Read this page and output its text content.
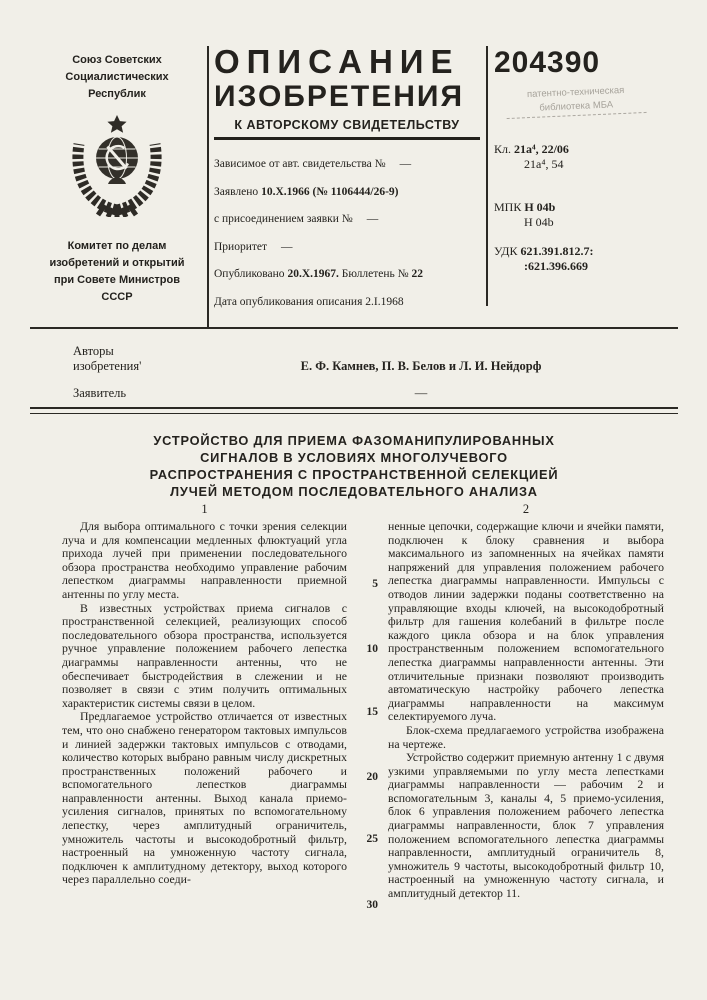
Союз Советских
Социалистических
Республик
Комитет по делам
изобретений и открытий
при Совете Министров
СССР
ОПИСАНИЕ
ИЗОБРЕТЕНИЯ
К АВТОРСКОМУ СВИДЕТЕЛЬСТВУ
Зависимое от авт. свидетельства № —
Заявлено 10.X.1966 (№ 1106444/26-9)
с присоединением заявки № —
Приоритет —
Опубликовано 20.X.1967. Бюллетень № 22
Дата опубликования описания 2.I.1968
204390
патентно-техническая
библиотека МБА
Кл. 21а⁴, 22/06
21а⁴, 54
МПК Н 04b
Н 04b
УДК 621.391.812.7:
:621.396.669
Авторы
изобретения'	Е. Ф. Камнев, П. В. Белов и Л. И. Нейдорф
Заявитель	—
УСТРОЙСТВО ДЛЯ ПРИЕМА ФАЗОМАНИПУЛИРОВАННЫХ
СИГНАЛОВ В УСЛОВИЯХ МНОГОЛУЧЕВОГО
РАСПРОСТРАНЕНИЯ С ПРОСТРАНСТВЕННОЙ СЕЛЕКЦИЕЙ
ЛУЧЕЙ МЕТОДОМ ПОСЛЕДОВАТЕЛЬНОГО АНАЛИЗА
1	2

Для выбора оптимального с точки зрения селекции луча и для компенсации медленных флюктуаций угла прихода лучей при применении последовательного обзора пространства необходимо управление рабочим лепестком диаграммы направленности приемной антенны по углу места.

В известных устройствах приема сигналов с пространственной селекцией, реализующих способ последовательного обзора пространства, используется ручное управление положением рабочего лепестка диаграммы направленности антенны, что не обеспечивает быстродействия в слежении и не позволяет в связи с этим получить оптимальных характеристик системы связи в целом.

Предлагаемое устройство отличается от известных тем, что оно снабжено генератором тактовых импульсов и линией задержки тактовых импульсов с отводами, количество которых выбрано равным числу дискретных пространственных положений рабочего и вспомогательного лепестков диаграммы направленности антенны. Выход канала приемо-усиления сигналов, принятых по вспомогательному лепестку, через амплитудный ограничитель, умножитель частоты и высокодобротный фильтр, настроенный на умноженную частоту сигнала, подключен к амплитудному детектору, выход которого через параллельно соеди-

ненные цепочки, содержащие ключи и ячейки памяти, подключен к блоку сравнения и выбора максимального из запомненных на ячейках памяти напряжений для управления положением рабочего лепестка диаграммы направленности. Импульсы с отводов линии задержки поданы соответственно на управляющие входы ключей, на высокодобротный фильтр для гашения колебаний в фильтре после каждого цикла обзора и на блок управления пространственным положением вспомогательного лепестка диаграммы направленности антенны. Эти отличительные признаки позволяют производить автоматическую настройку рабочего лепестка диаграммы направленности на максимум селектируемого луча.

Блок-схема предлагаемого устройства изображена на чертеже.

Устройство содержит приемную антенну 1 с двумя узкими управляемыми по углу места лепестками диаграммы направленности — рабочим 2 и вспомогательным 3, каналы 4, 5 приемо-усиления, блок 6 управления положением рабочего лепестка диаграммы направленности, блок 7 управления положением вспомогательного лепестка диаграммы направленности, амплитудный ограничитель 8, умножитель 9 частоты, высокодобротный фильтр 10, настроенный на умноженную частоту сигнала, и амплитудный детектор 11.

5
10
15
20
25
30
